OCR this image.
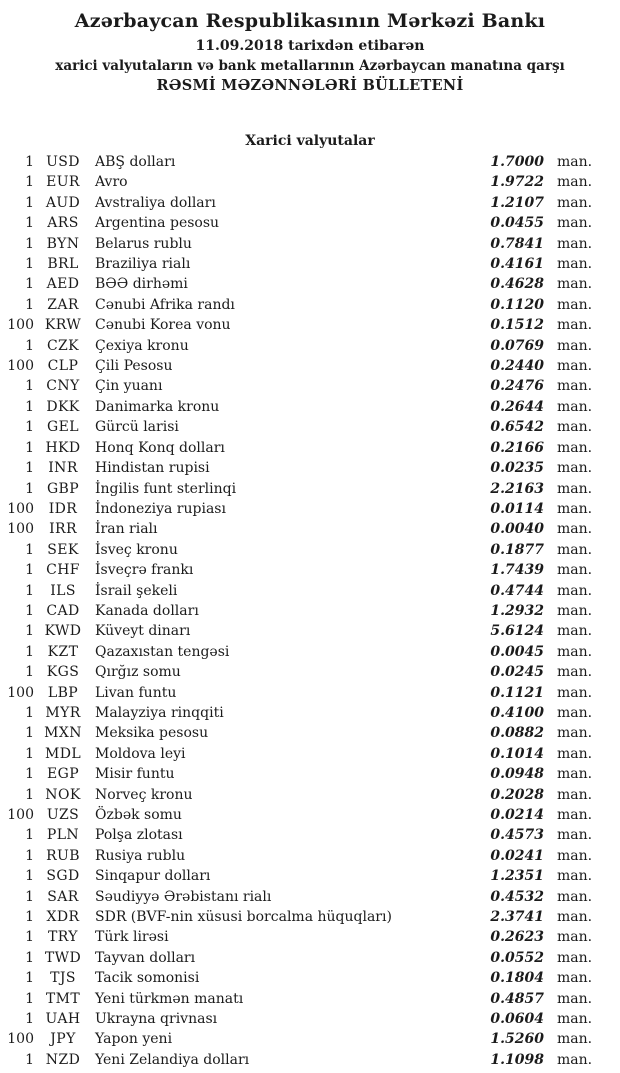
Azərbaycan Respublikasının Mərkəzi Bankı
11.09.2018 tarixdən etibarən
xarici valyutaların və bank metallarının Azərbaycan manatına qarşı
RƏSMİ MƏZƏNNƏLƏRİ BÜLLETENİ
Xarici valyutalar
1 USD	ABŞ dolları	1.7000 man.
1 EUR	Avro	1.9722 man.
1 AUD	Avstraliya dolları	1.2107 man.
1 ARS	Argentina pesosu	0.0455 man.
1 BYN	Belarus rublu	0.7841 man.
1 BRL	Braziliya rialı	0.4161 man.
1 AED	BƏƏ dirhəmi	0.4628 man.
1 ZAR	Cənubi Afrika randı	0.1120 man.
100 KRW Cənubi Korea vonu	0.1512 man.
1 CZK	Çexiya kronu	0.0769 man.
100 CLP	Çili Pesosu	0.2440 man.
1 CNY	Çin yuanı	0.2476 man.
1 DKK	Danimarka kronu	0.2644 man.
1 GEL	Gürcü larisi	0.6542 man.
1 HKD	Honq Konq dolları	0.2166 man.
1	INR	Hindistan rupisi	0.0235 man.
1 GBP	İngilis funt sterlinqi	2.2163 man.
100	IDR	İndoneziya rupiası	0.0114 man.
100	IRR	İran rialı	0.0040 man.
1 SEK	İsveç kronu	0.1877 man.
1 CHF	İsveçrə frankı	1.7439 man.
1	ILS	İsrail şekeli	0.4744 man.
1 CAD	Kanada dolları	1.2932 man.
1 KWD Küveyt dinarı	5.6124 man.
1 KZT	Qazaxıstan tengəsi	0.0045 man.
1 KGS	Qırğız somu	0.0245 man.
100 LBP	Livan funtu	0.1121 man.
1 MYR	Malayziya rinqqiti	0.4100 man.
1 MXN Meksika pesosu	0.0882 man.
1 MDL Moldova leyi	0.1014 man.
1 EGP	Misir funtu	0.0948 man.
1 NOK	Norveç kronu	0.2028 man.
100 UZS	Özbək somu	0.0214 man.
1 PLN	Polşa zlotası	0.4573 man.
1 RUB	Rusiya rublu	0.0241 man.
1 SGD	Sinqapur dolları	1.2351 man.
1 SAR	Səudiyyə Ərəbistanı rialı	0.4532 man.
1 XDR	SDR (BVF-nin xüsusi borcalma hüquqları)	2.3741 man.
1	TRY	Türk lirəsi	0.2623 man.
1 TWD Tayvan dolları	0.0552 man.
1	TJS	Tacik somonisi	0.1804 man.
1 TMT	Yeni türkmən manatı	0.4857 man.
1 UAH	Ukrayna qrivnası	0.0604 man.
100	JPY	Yapon yeni	1.5260 man.
1 NZD	Yeni Zelandiya dolları	1.1098 man.
